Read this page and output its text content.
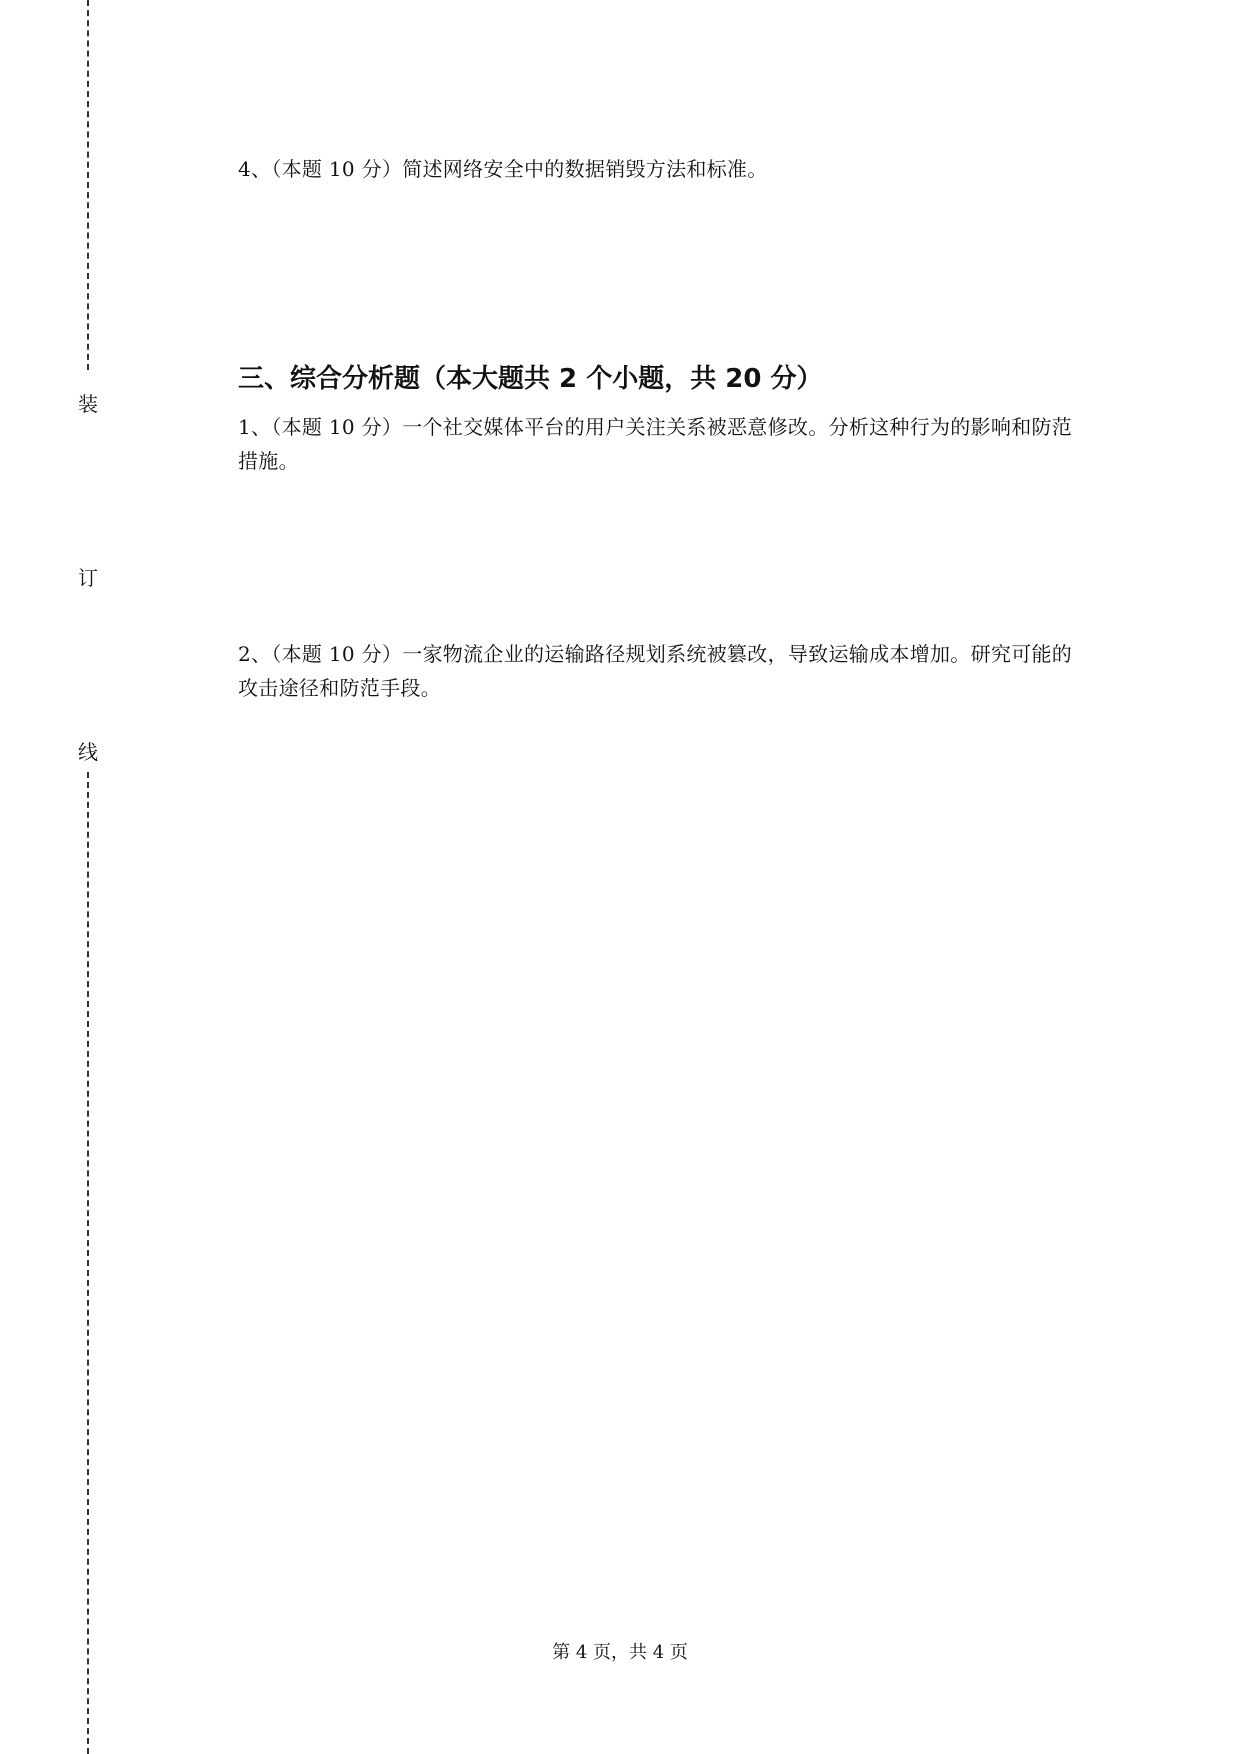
装
订
线
4、（本题 10 分）简述网络安全中的数据销毁方法和标准。
三、综合分析题（本大题共 2 个小题，共 20 分）
1、（本题 10 分）一个社交媒体平台的用户关注关系被恶意修改。分析这种行为的影响和防范措施。
2、（本题 10 分）一家物流企业的运输路径规划系统被篡改，导致运输成本增加。研究可能的攻击途径和防范手段。
第 4 页，共 4 页
